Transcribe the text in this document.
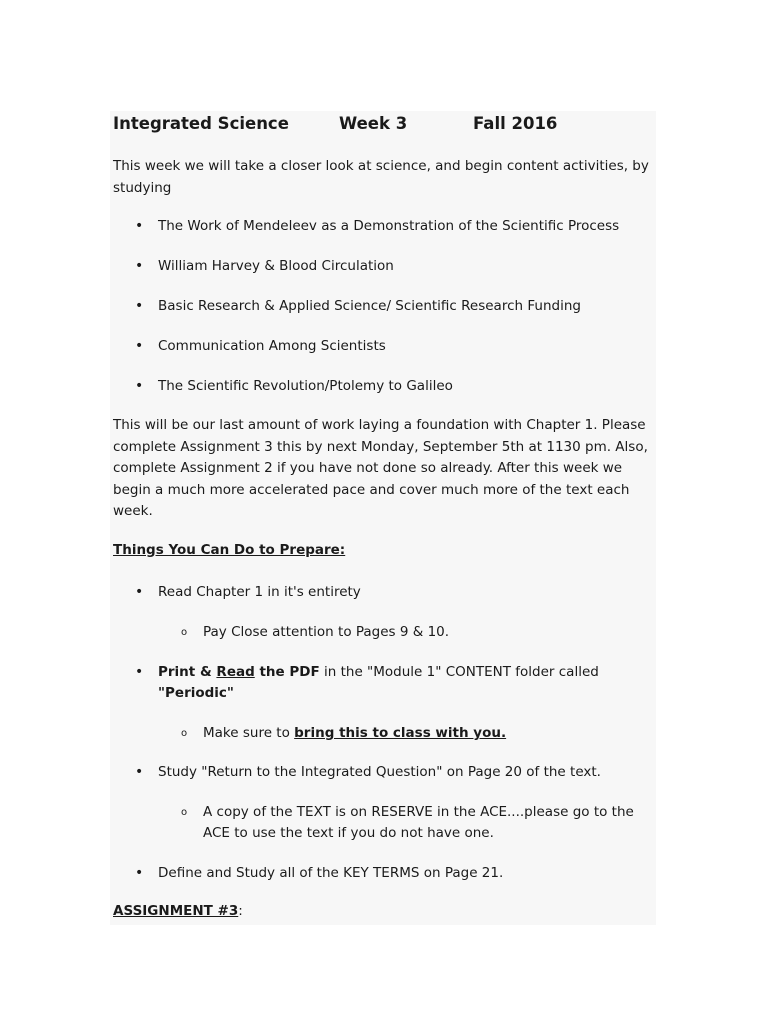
Integrated Science	Week 3	Fall 2016

This week we will take a closer look at science, and begin content activities, by studying

• The Work of Mendeleev as a Demonstration of the Scientific Process
• William Harvey & Blood Circulation
• Basic Research & Applied Science/ Scientific Research Funding
• Communication Among Scientists
• The Scientific Revolution/Ptolemy to Galileo

This will be our last amount of work laying a foundation with Chapter 1. Please complete Assignment 3 this by next Monday, September 5th at 1130 pm. Also, complete Assignment 2 if you have not done so already. After this week we begin a much more accelerated pace and cover much more of the text each week.

Things You Can Do to Prepare:
• Read Chapter 1 in it's entirety
o Pay Close attention to Pages 9 & 10.
• Print & Read the PDF in the "Module 1" CONTENT folder called "Periodic"
o Make sure to bring this to class with you.
• Study "Return to the Integrated Question" on Page 20 of the text.
o A copy of the TEXT is on RESERVE in the ACE....please go to the ACE to use the text if you do not have one.
• Define and Study all of the KEY TERMS on Page 21.
ASSIGNMENT #3:
